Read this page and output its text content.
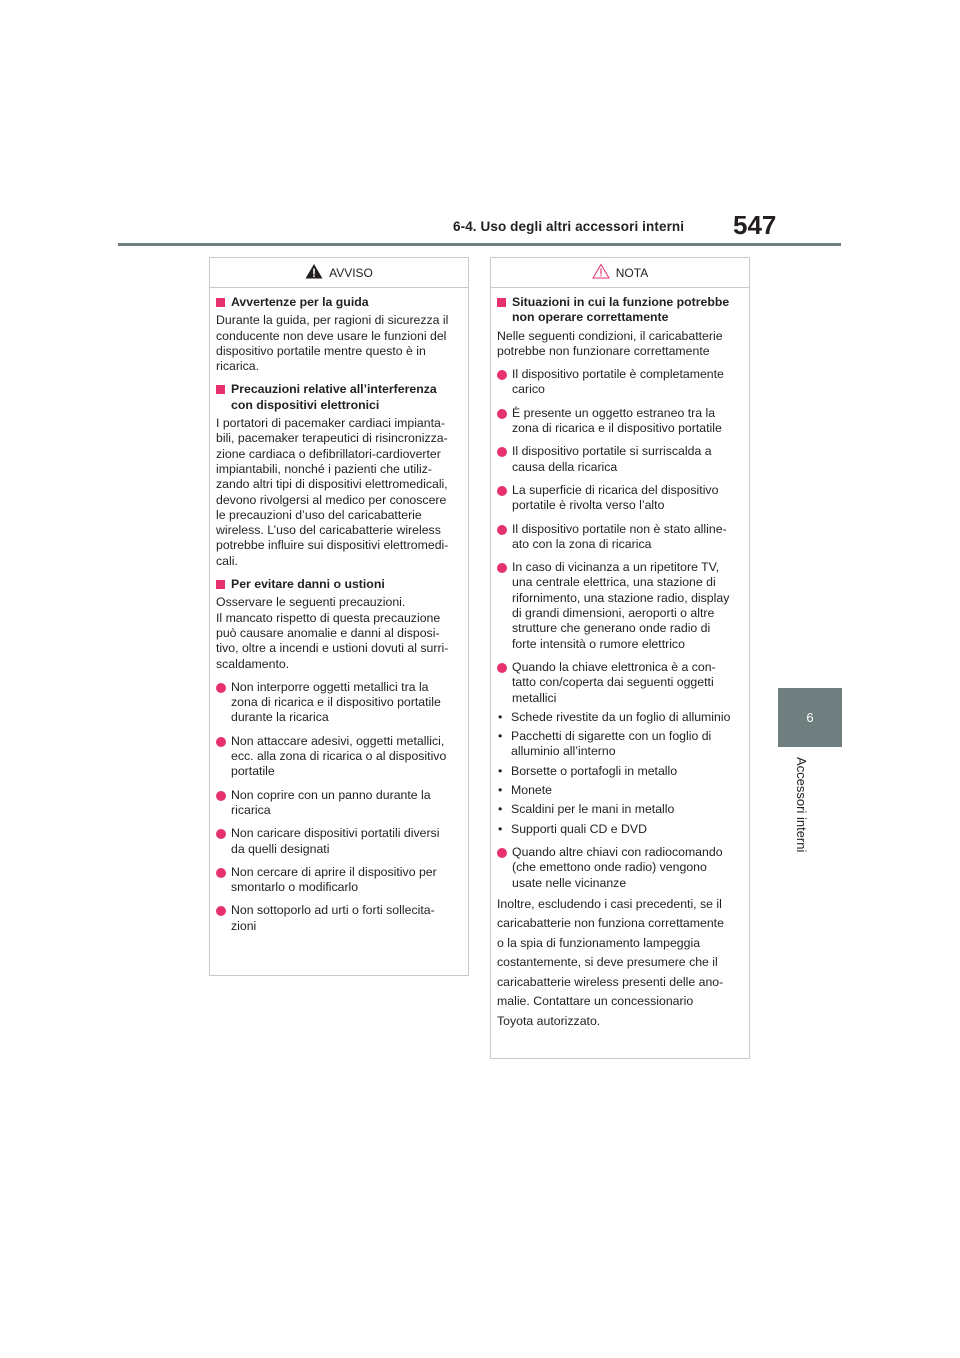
6-4. Uso degli altri accessori interni 547
6
Accessori interni
AVVISO
Avvertenze per la guida
Durante la guida, per ragioni di sicurezza il
conducente non deve usare le funzioni del
dispositivo portatile mentre questo è in
ricarica.
Precauzioni relative all’interferenza
con dispositivi elettronici
I portatori di pacemaker cardiaci impianta-
bili, pacemaker terapeutici di risincronizza-
zione cardiaca o defibrillatori-cardioverter
impiantabili, nonché i pazienti che utiliz-
zando altri tipi di dispositivi elettromedicali,
devono rivolgersi al medico per conoscere
le precauzioni d’uso del caricabatterie
wireless. L’uso del caricabatterie wireless
potrebbe influire sui dispositivi elettromedi-
cali.
Per evitare danni o ustioni
Osservare le seguenti precauzioni.
Il mancato rispetto di questa precauzione
può causare anomalie e danni al disposi-
tivo, oltre a incendi e ustioni dovuti al surri-
scaldamento.
Non interporre oggetti metallici tra la
zona di ricarica e il dispositivo portatile
durante la ricarica
Non attaccare adesivi, oggetti metallici,
ecc. alla zona di ricarica o al dispositivo
portatile
Non coprire con un panno durante la
ricarica
Non caricare dispositivi portatili diversi
da quelli designati
Non cercare di aprire il dispositivo per
smontarlo o modificarlo
Non sottoporlo ad urti o forti sollecita-
zioni
NOTA
Situazioni in cui la funzione potrebbe
non operare correttamente
Nelle seguenti condizioni, il caricabatterie
potrebbe non funzionare correttamente
Il dispositivo portatile è completamente
carico
È presente un oggetto estraneo tra la
zona di ricarica e il dispositivo portatile
Il dispositivo portatile si surriscalda a
causa della ricarica
La superficie di ricarica del dispositivo
portatile è rivolta verso l’alto
Il dispositivo portatile non è stato alline-
ato con la zona di ricarica
In caso di vicinanza a un ripetitore TV,
una centrale elettrica, una stazione di
rifornimento, una stazione radio, display
di grandi dimensioni, aeroporti o altre
strutture che generano onde radio di
forte intensità o rumore elettrico
Quando la chiave elettronica è a con-
tatto con/coperta dai seguenti oggetti
metallici
• Schede rivestite da un foglio di alluminio
• Pacchetti di sigarette con un foglio di
alluminio all’interno
• Borsette o portafogli in metallo
• Monete
• Scaldini per le mani in metallo
• Supporti quali CD e DVD
Quando altre chiavi con radiocomando
(che emettono onde radio) vengono
usate nelle vicinanze
Inoltre, escludendo i casi precedenti, se il
caricabatterie non funziona correttamente
o la spia di funzionamento lampeggia
costantemente, si deve presumere che il
caricabatterie wireless presenti delle ano-
malie. Contattare un concessionario
Toyota autorizzato.
